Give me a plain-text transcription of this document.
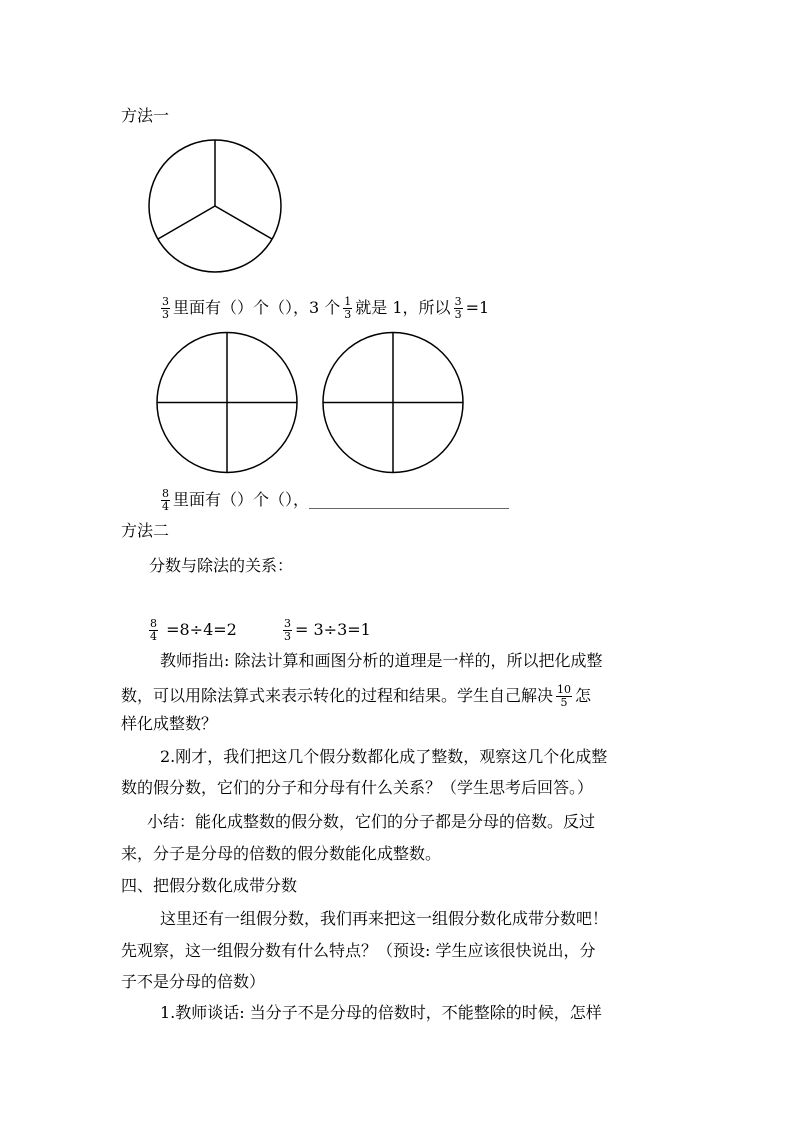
方法一
$\frac{3}{3}$ 里面有（）个（），3 个 $\frac{1}{3}$ 就是 1，所以 $\frac{3}{3} =1$
$\frac{8}{4}$ 里面有（）个（），_________________________
方法二
分数与除法的关系：
$\frac{8}{4} =8\div 4=2$	$\frac{3}{3} = 3\div 3=1$
教师指出: 除法计算和画图分析的道理是一样的，所以把化成整
数，可以用除法算式来表示转化的过程和结果。学生自己解决 $\frac{10}{5}$ 怎
样化成整数？
2.刚才，我们把这几个假分数都化成了整数，观察这几个化成整
数的假分数，它们的分子和分母有什么关系？（学生思考后回答。）
小结：能化成整数的假分数，它们的分子都是分母的倍数。反过
来，分子是分母的倍数的假分数能化成整数。
四、把假分数化成带分数
这里还有一组假分数，我们再来把这一组假分数化成带分数吧！
先观察，这一组假分数有什么特点？（预设: 学生应该很快说出，分
子不是分母的倍数）
1.教师谈话: 当分子不是分母的倍数时，不能整除的时候，怎样
